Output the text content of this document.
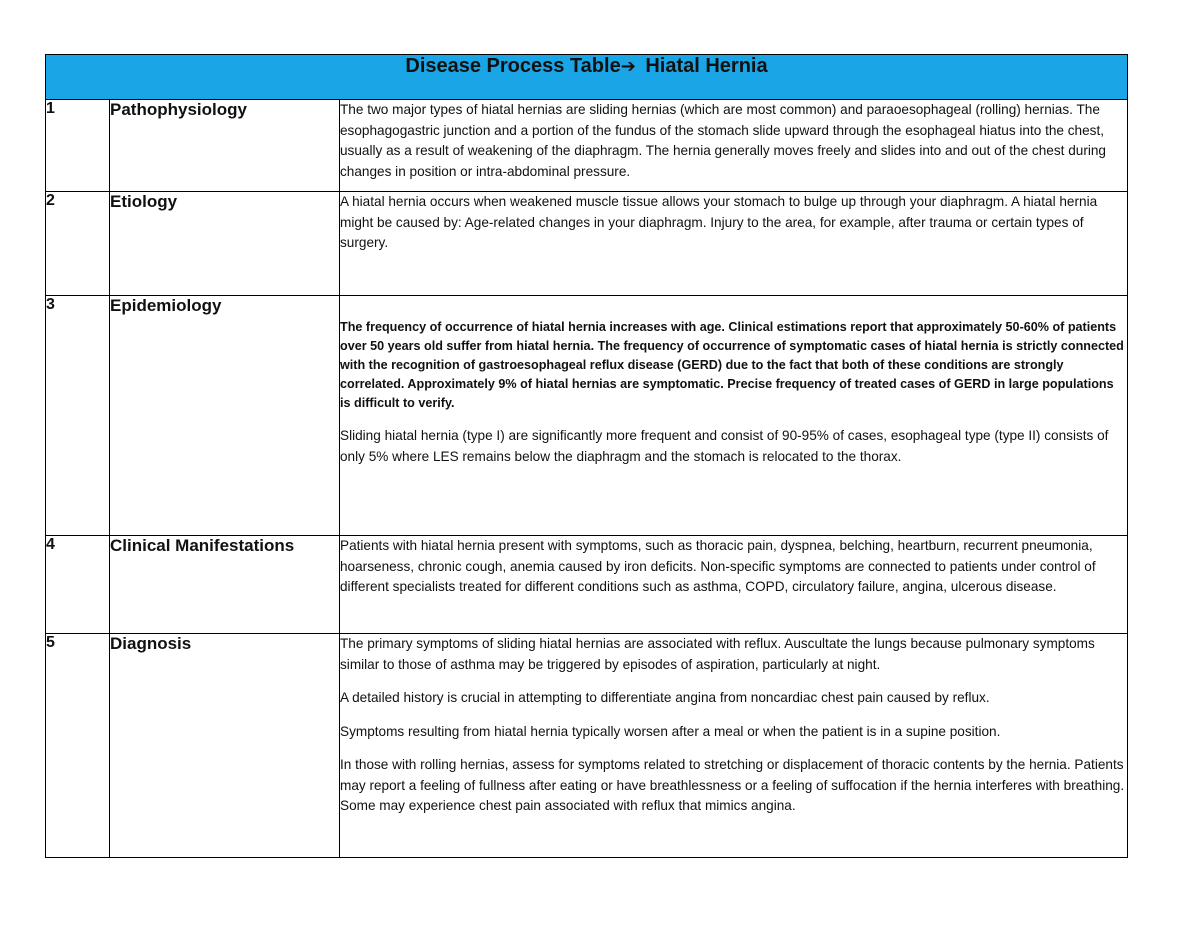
Disease Process Table➔ Hiatal Hernia		
1	Pathophysiology	The two major types of hiatal hernias are sliding hernias (which are most common) and paraoesophageal (rolling) hernias. The esophagogastric junction and a portion of the fundus of the stomach slide upward through the esophageal hiatus into the chest, usually as a result of weakening of the diaphragm. The hernia generally moves freely and slides into and out of the chest during changes in position or intra-abdominal pressure.

2	Etiology	A hiatal hernia occurs when weakened muscle tissue allows your stomach to bulge up through your diaphragm. A hiatal hernia might be caused by: Age-related changes in your diaphragm. Injury to the area, for example, after trauma or certain types of surgery.

3	Epidemiology	The frequency of occurrence of hiatal hernia increases with age. Clinical estimations report that approximately 50-60% of patients over 50 years old suffer from hiatal hernia. The frequency of occurrence of symptomatic cases of hiatal hernia is strictly connected with the recognition of gastroesophageal reflux disease (GERD) due to the fact that both of these conditions are strongly correlated. Approximately 9% of hiatal hernias are symptomatic. Precise frequency of treated cases of GERD in large populations is difficult to verify.

Sliding hiatal hernia (type I) are significantly more frequent and consist of 90-95% of cases, esophageal type (type II) consists of only 5% where LES remains below the diaphragm and the stomach is relocated to the thorax.

4	Clinical Manifestations	Patients with hiatal hernia present with symptoms, such as thoracic pain, dyspnea, belching, heartburn, recurrent pneumonia, hoarseness, chronic cough, anemia caused by iron deficits. Non-specific symptoms are connected to patients under control of different specialists treated for different conditions such as asthma, COPD, circulatory failure, angina, ulcerous disease.

5	Diagnosis	The primary symptoms of sliding hiatal hernias are associated with reflux. Auscultate the lungs because pulmonary symptoms similar to those of asthma may be triggered by episodes of aspiration, particularly at night.

A detailed history is crucial in attempting to differentiate angina from noncardiac chest pain caused by reflux.

Symptoms resulting from hiatal hernia typically worsen after a meal or when the patient is in a supine position.

In those with rolling hernias, assess for symptoms related to stretching or displacement of thoracic contents by the hernia. Patients may report a feeling of fullness after eating or have breathlessness or a feeling of suffocation if the hernia interferes with breathing. Some may experience chest pain associated with reflux that mimics angina.
